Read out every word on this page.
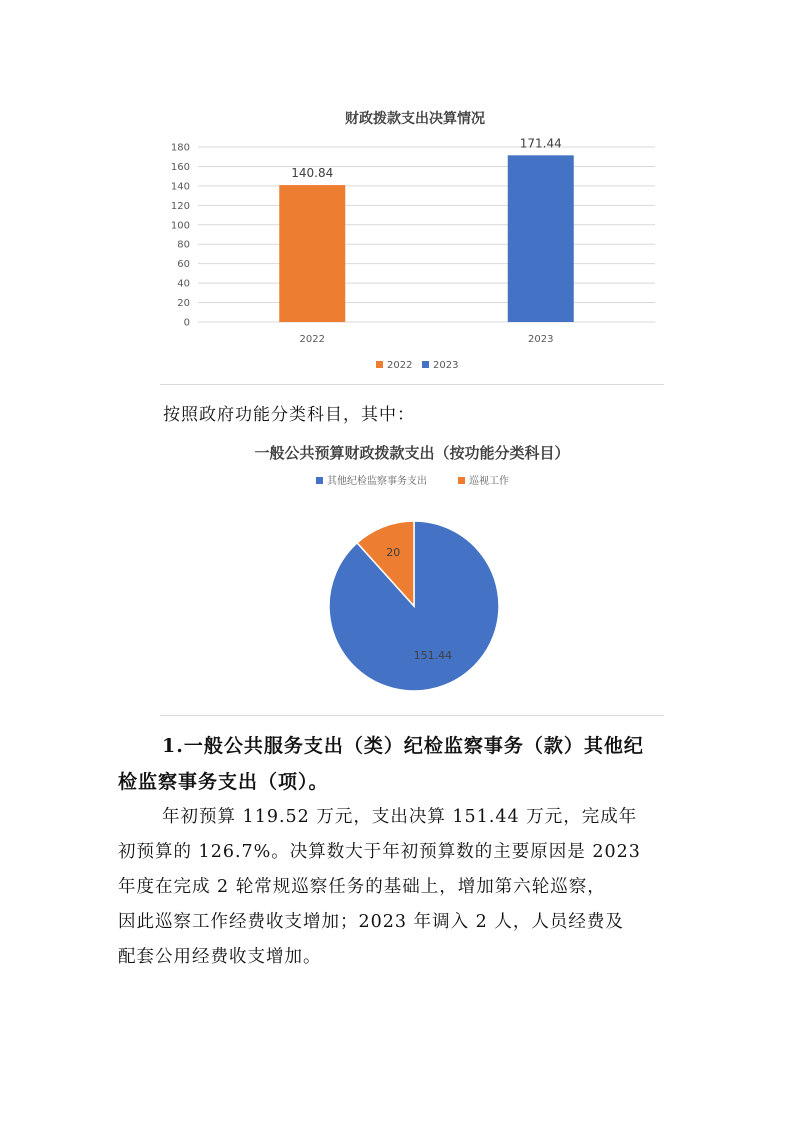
财政拨款支出决算情况
0
20
40
60
80
100
120
140
160
180
140.84
171.44
2022	2023
2022 2023
按照政府功能分类科目，其中：
一般公共预算财政拨款支出（按功能分类科目）
其他纪检监察事务支出	巡视工作
151.44
20
1.一般公共服务支出（类）纪检监察事务（款）其他纪
检监察事务支出（项）。

年初预算 119.52 万元，支出决算 151.44 万元，完成年

初预算的 126.7%。决算数大于年初预算数的主要原因是 2023

年度在完成 2 轮常规巡察任务的基础上，增加第六轮巡察，

因此巡察工作经费收支增加；2023 年调入 2 人，人员经费及

配套公用经费收支增加。
